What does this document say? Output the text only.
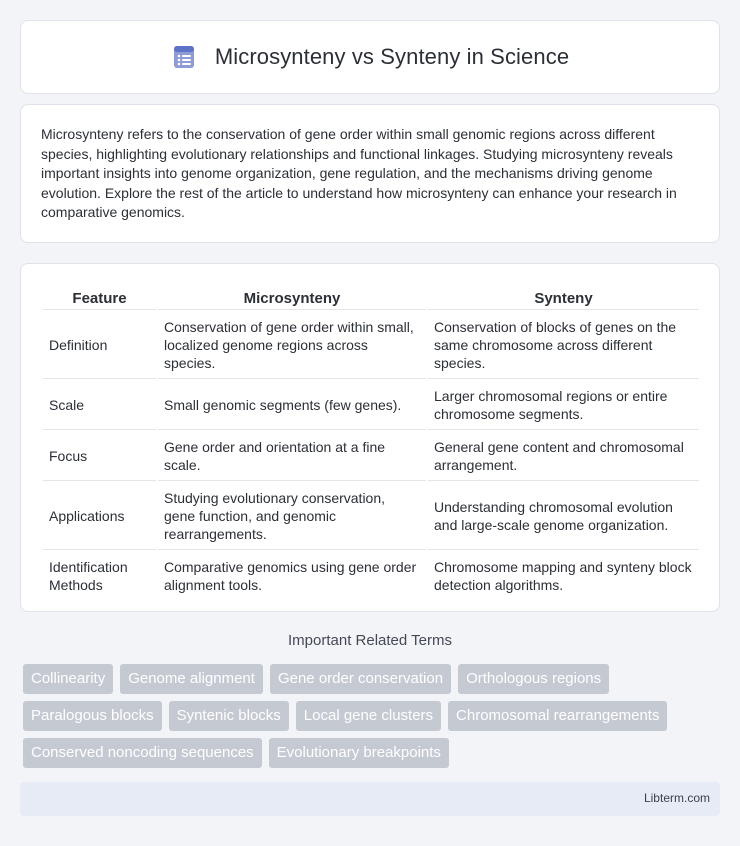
Microsynteny vs Synteny in Science

Microsynteny refers to the conservation of gene order within small genomic regions across different species, highlighting evolutionary relationships and functional linkages. Studying microsynteny reveals important insights into genome organization, gene regulation, and the mechanisms driving genome evolution. Explore the rest of the article to understand how microsynteny can enhance your research in comparative genomics.

Feature	Microsynteny	Synteny
Definition	Conservation of gene order within small, localized genome regions across species.	Conservation of blocks of genes on the same chromosome across different species.
Scale	Small genomic segments (few genes).	Larger chromosomal regions or entire chromosome segments.
Focus	Gene order and orientation at a fine scale.	General gene content and chromosomal arrangement.
Applications	Studying evolutionary conservation, gene function, and genomic rearrangements.	Understanding chromosomal evolution and large-scale genome organization.
Identification Methods	Comparative genomics using gene order alignment tools.	Chromosome mapping and synteny block detection algorithms.
Important Related Terms
Collinearity	Genome alignment	Gene order conservation	Orthologous regions
Paralogous blocks	Syntenic blocks	Local gene clusters	Chromosomal rearrangements
Conserved noncoding sequences	Evolutionary breakpoints
Libterm.com
